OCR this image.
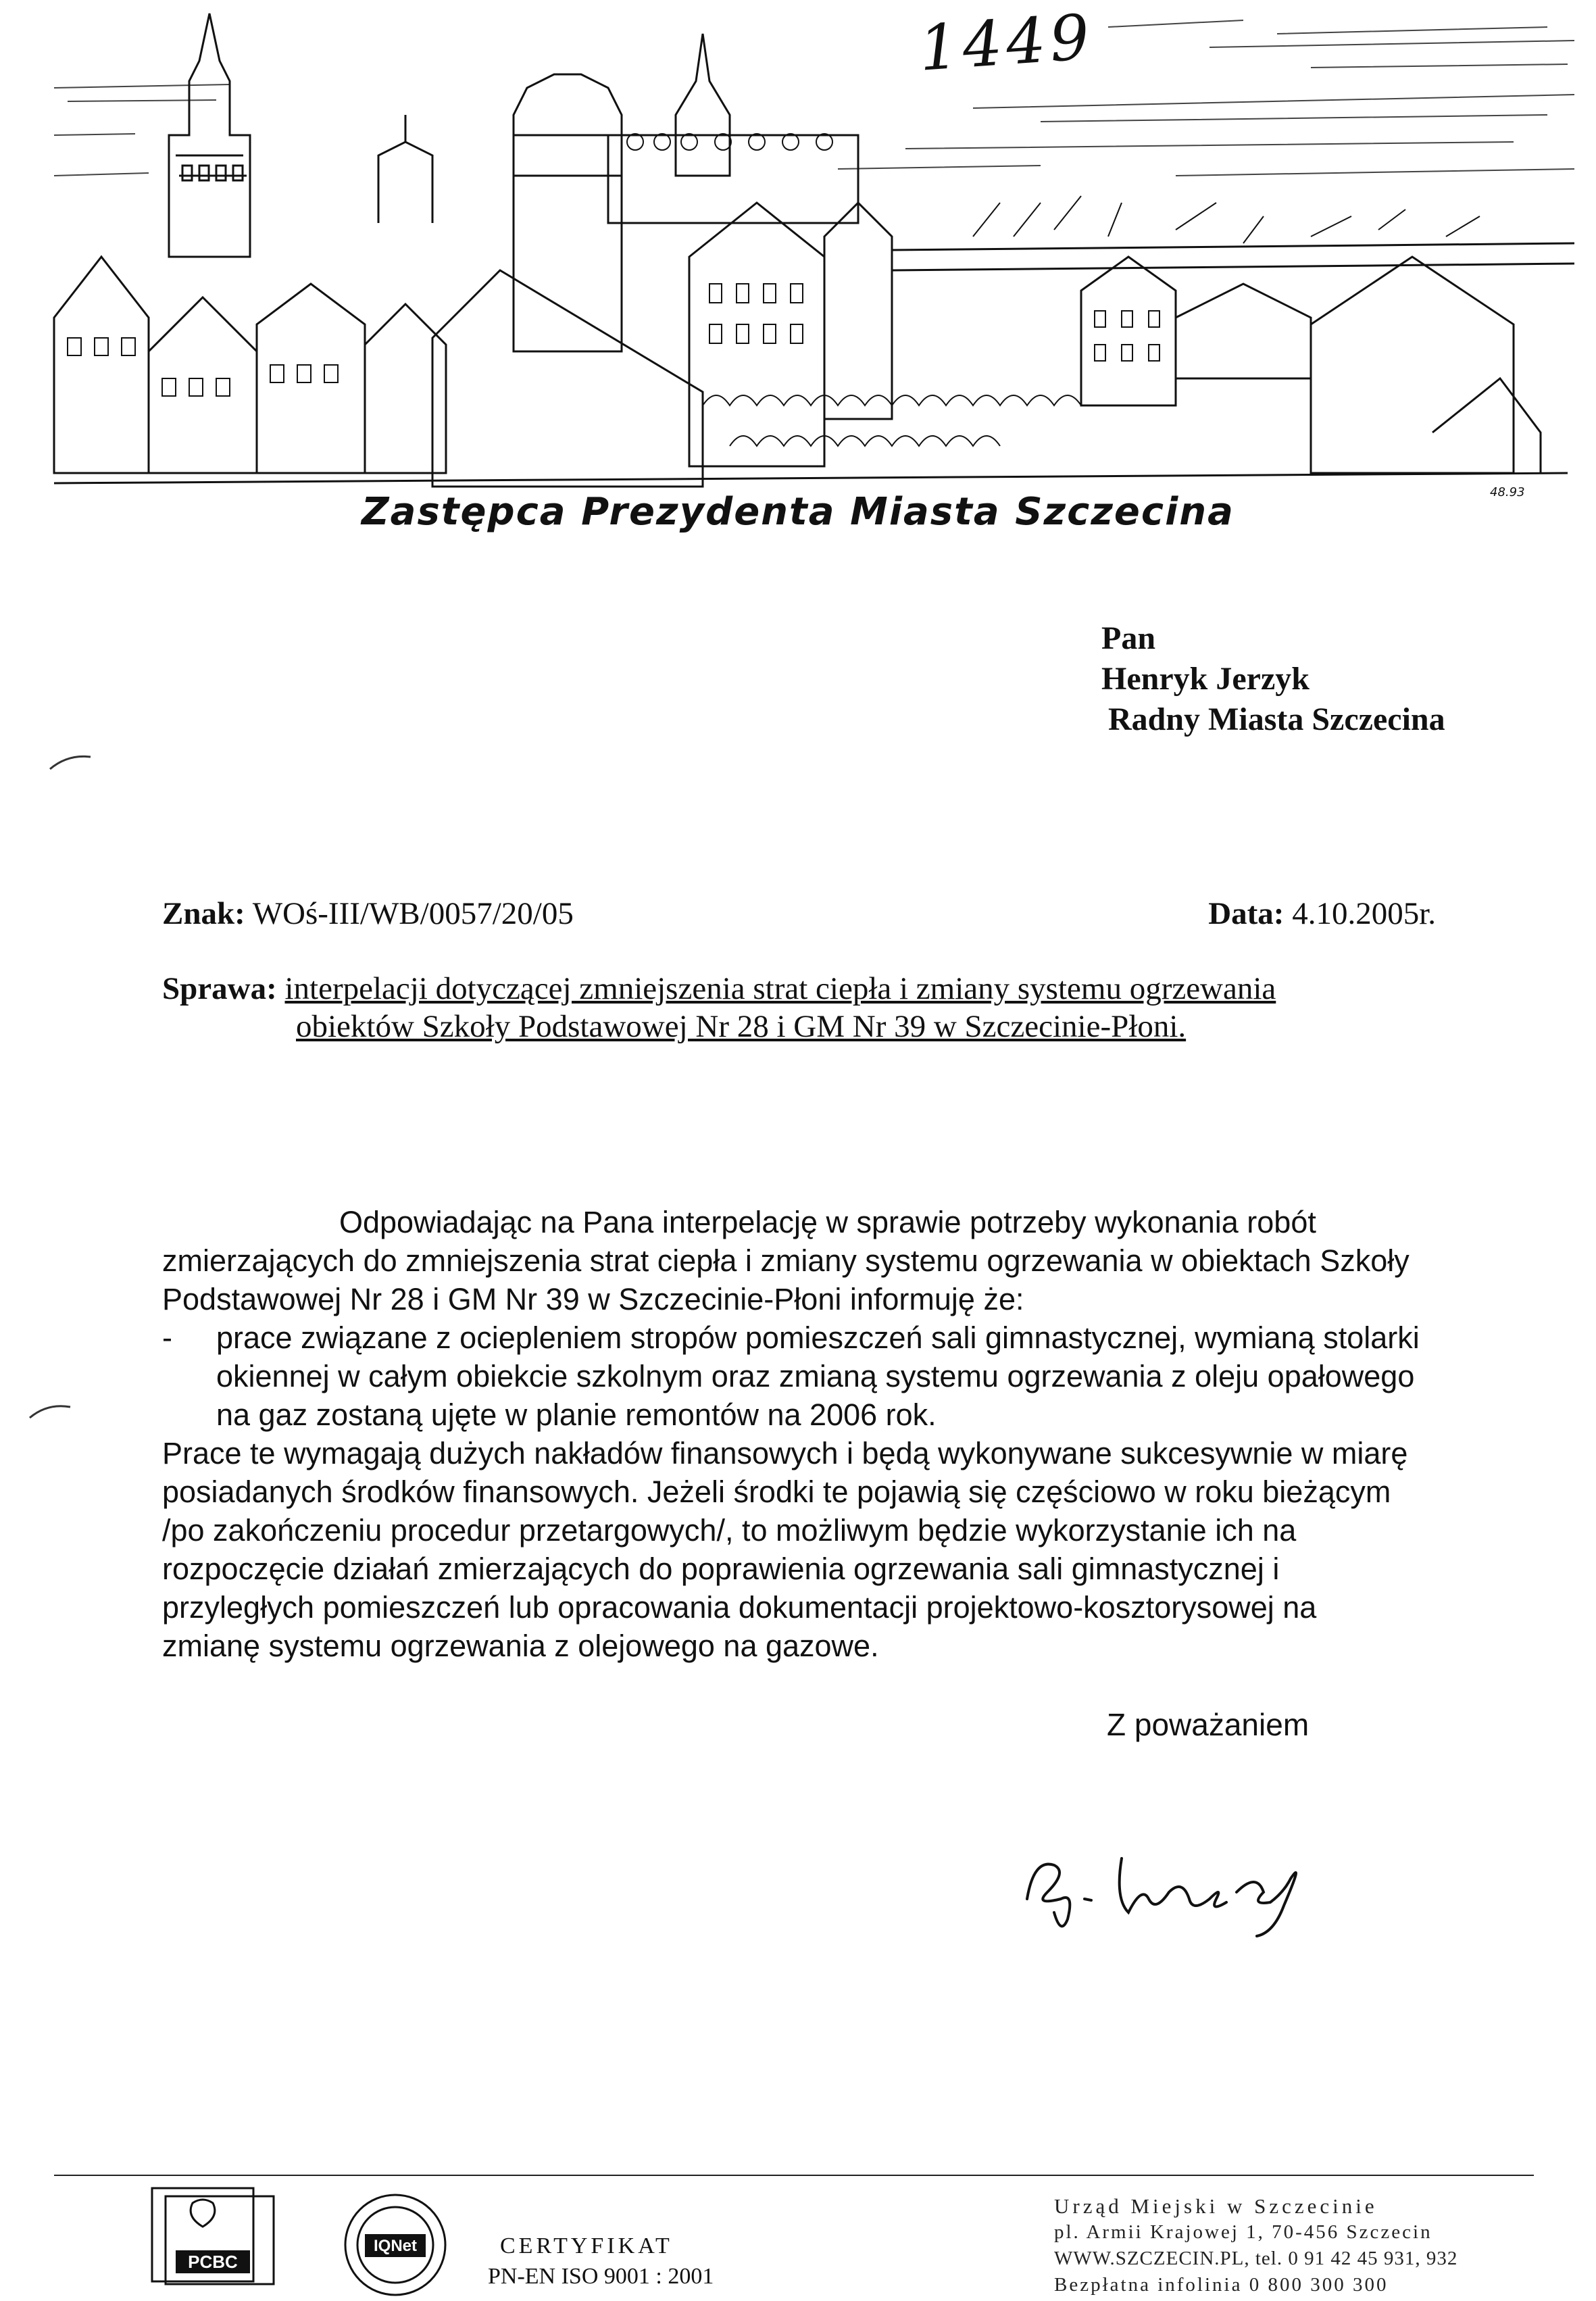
1449
48.93
Zastępca Prezydenta Miasta Szczecina
Pan
Henryk Jerzyk
Radny Miasta Szczecina
Znak: WOś-III/WB/0057/20/05	Data: 4.10.2005r.
Sprawa: interpelacji dotyczącej zmniejszenia strat ciepła i zmiany systemu ogrzewania
obiektów Szkoły Podstawowej Nr 28 i GM Nr 39 w Szczecinie-Płoni.

Odpowiadając na Pana interpelację w sprawie potrzeby wykonania robót

zmierzających do zmniejszenia strat ciepła i zmiany systemu ogrzewania w obiektach Szkoły

Podstawowej Nr 28 i GM Nr 39 w Szczecinie-Płoni informuję że:

- prace związane z ociepleniem stropów pomieszczeń sali gimnastycznej, wymianą stolarki

okiennej w całym obiekcie szkolnym oraz zmianą systemu ogrzewania z oleju opałowego

na gaz zostaną ujęte w planie remontów na 2006 rok.

Prace te wymagają dużych nakładów finansowych i będą wykonywane sukcesywnie w miarę

posiadanych środków finansowych. Jeżeli środki te pojawią się częściowo w roku bieżącym

/po zakończeniu procedur przetargowych/, to możliwym będzie wykorzystanie ich na

rozpoczęcie działań zmierzających do poprawienia ogrzewania sali gimnastycznej i

przyległych pomieszczeń lub opracowania dokumentacji projektowo-kosztorysowej na

zmianę systemu ogrzewania z olejowego na gazowe.

Z poważaniem
PCBC
IQNet	CERTYFIKAT
PN-EN ISO 9001 : 2001
Urząd Miejski w Szczecinie
pl. Armii Krajowej 1, 70-456 Szczecin
WWW.SZCZECIN.PL, tel. 0 91 42 45 931, 932
Bezpłatna infolinia 0 800 300 300
